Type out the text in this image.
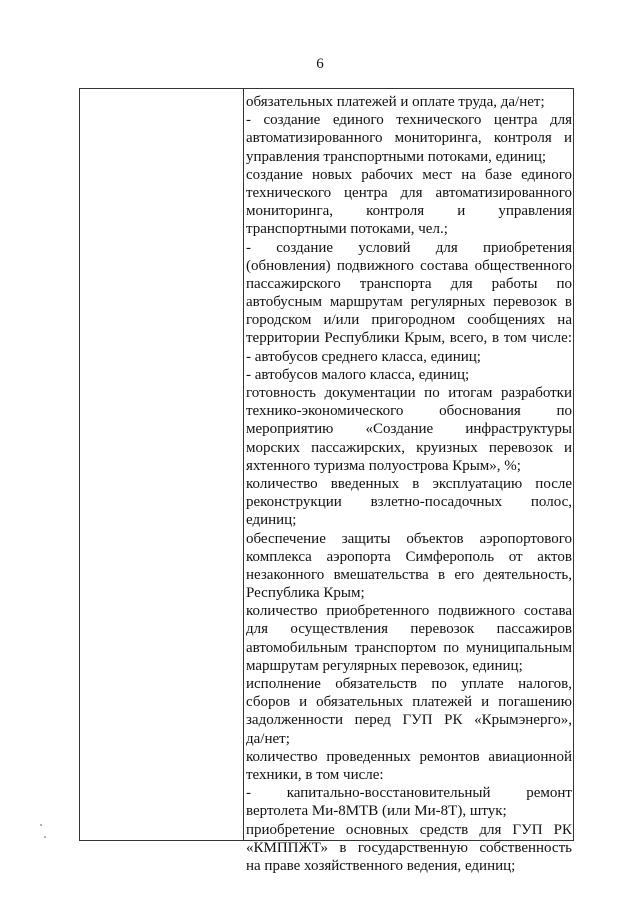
6
обязательных платежей и оплате труда, да/нет;
- создание единого технического центра для
автоматизированного мониторинга, контроля и
управления транспортными потоками, единиц;
создание новых рабочих мест на базе единого
технического центра для автоматизированного
мониторинга, контроля и управления
транспортными потоками, чел.;
- создание условий для приобретения
(обновления) подвижного состава общественного
пассажирского транспорта для работы по
автобусным маршрутам регулярных перевозок в
городском и/или пригородном сообщениях на
территории Республики Крым, всего, в том числе:
- автобусов среднего класса, единиц;
- автобусов малого класса, единиц;
готовность документации по итогам разработки
технико-экономического обоснования по
мероприятию «Создание инфраструктуры
морских пассажирских, круизных перевозок и
яхтенного туризма полуострова Крым», %;
количество введенных в эксплуатацию после
реконструкции взлетно-посадочных полос,
единиц;
обеспечение защиты объектов аэропортового
комплекса аэропорта Симферополь от актов
незаконного вмешательства в его деятельность,
Республика Крым;
количество приобретенного подвижного состава
для осуществления перевозок пассажиров
автомобильным транспортом по муниципальным
маршрутам регулярных перевозок, единиц;
исполнение обязательств по уплате налогов,
сборов и обязательных платежей и погашению
задолженности перед ГУП РК «Крымэнерго»,
да/нет;
количество проведенных ремонтов авиационной
техники, в том числе:
- капитально-восстановительный ремонт
вертолета Ми-8МТВ (или Ми-8Т), штук;
приобретение основных средств для ГУП РК
«КМППЖТ» в государственную собственность
на праве хозяйственного ведения, единиц;
